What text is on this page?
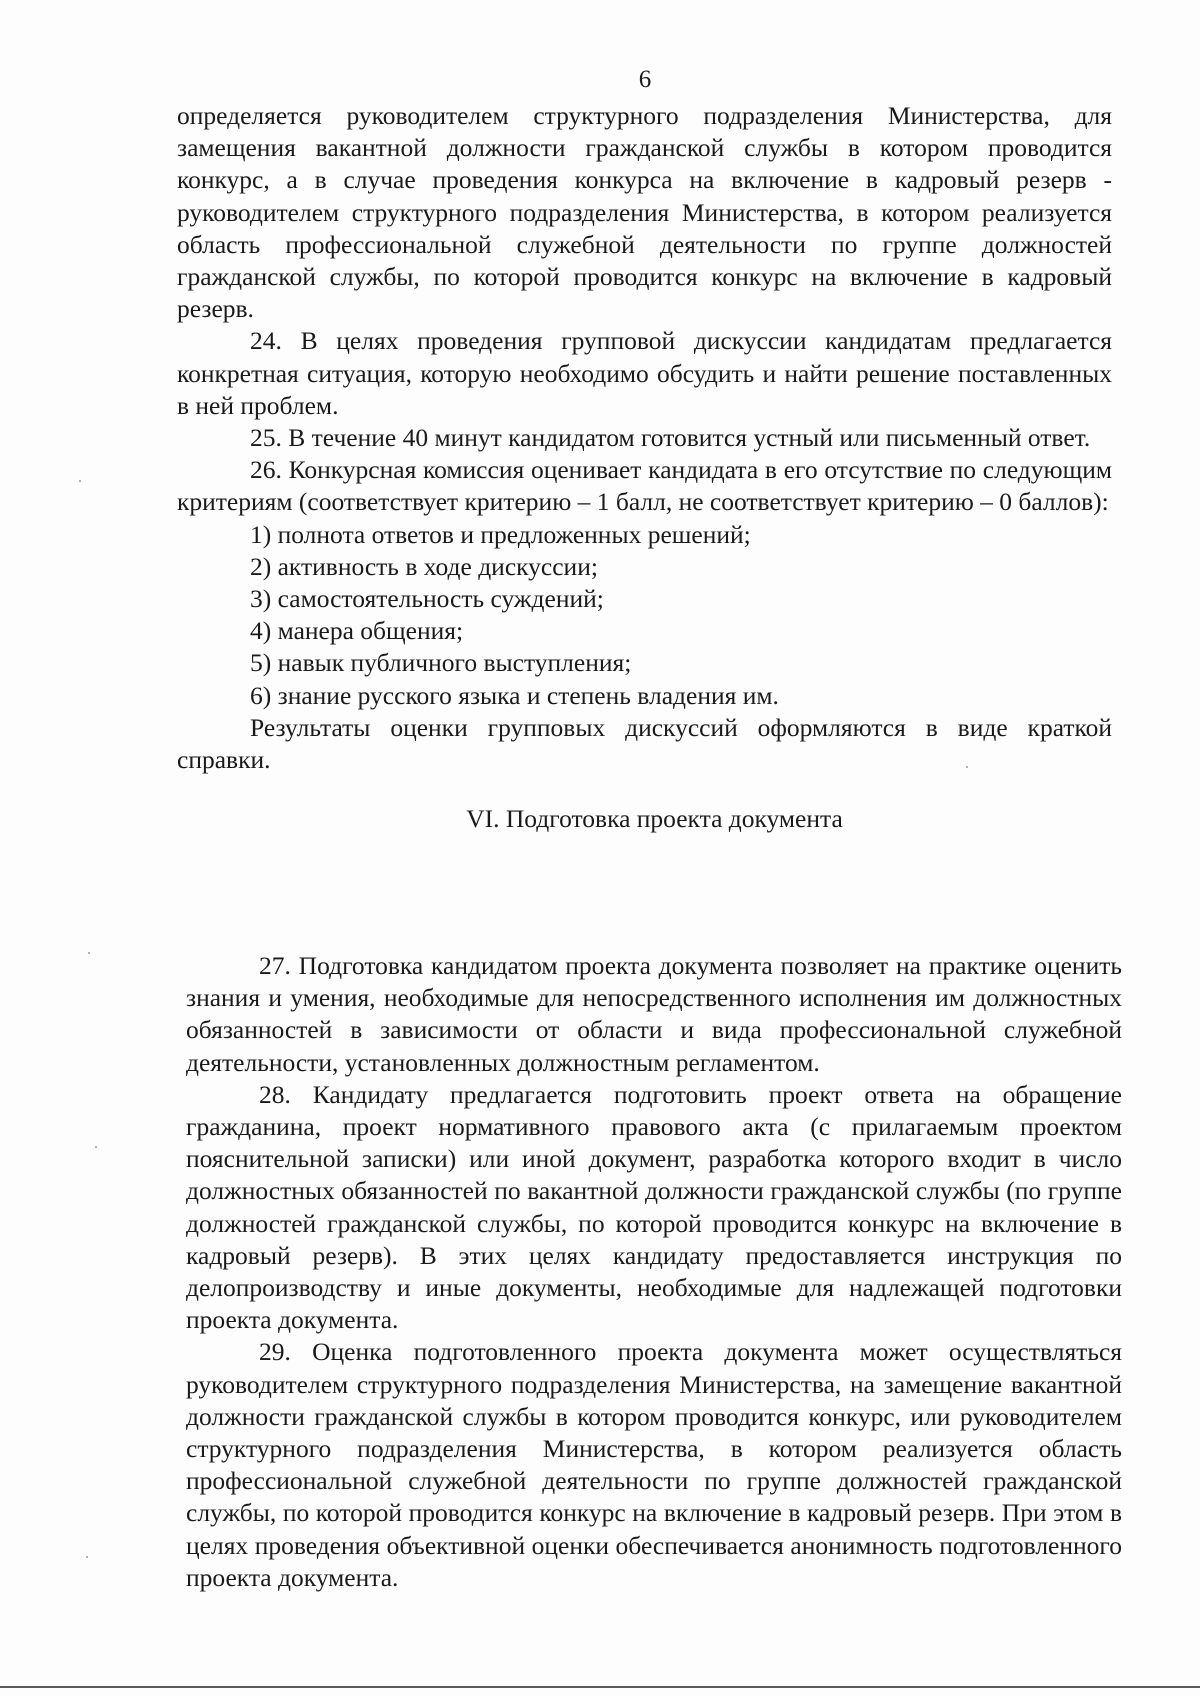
6

определяется руководителем структурного подразделения Министерства, для замещения вакантной должности гражданской службы в котором проводится конкурс, а в случае проведения конкурса на включение в кадровый резерв - руководителем структурного подразделения Министерства, в котором реализуется область профессиональной служебной деятельности по группе должностей гражданской службы, по которой проводится конкурс на включение в кадровый резерв.

24. В целях проведения групповой дискуссии кандидатам предлагается конкретная ситуация, которую необходимо обсудить и найти решение поставленных в ней проблем.

25. В течение 40 минут кандидатом готовится устный или письменный ответ.

26. Конкурсная комиссия оценивает кандидата в его отсутствие по следующим критериям (соответствует критерию – 1 балл, не соответствует критерию – 0 баллов):

1) полнота ответов и предложенных решений;

2) активность в ходе дискуссии;

3) самостоятельность суждений;

4) манера общения;

5) навык публичного выступления;

6) знание русского языка и степень владения им.

Результаты оценки групповых дискуссий оформляются в виде краткой справки.

VI. Подготовка проекта документа

27. Подготовка кандидатом проекта документа позволяет на практике оценить знания и умения, необходимые для непосредственного исполнения им должностных обязанностей в зависимости от области и вида профессиональной служебной деятельности, установленных должностным регламентом.

28. Кандидату предлагается подготовить проект ответа на обращение гражданина, проект нормативного правового акта (с прилагаемым проектом пояснительной записки) или иной документ, разработка которого входит в число должностных обязанностей по вакантной должности гражданской службы (по группе должностей гражданской службы, по которой проводится конкурс на включение в кадровый резерв). В этих целях кандидату предоставляется инструкция по делопроизводству и иные документы, необходимые для надлежащей подготовки проекта документа.

29. Оценка подготовленного проекта документа может осуществляться руководителем структурного подразделения Министерства, на замещение вакантной должности гражданской службы в котором проводится конкурс, или руководителем структурного подразделения Министерства, в котором реализуется область профессиональной служебной деятельности по группе должностей гражданской службы, по которой проводится конкурс на включение в кадровый резерв. При этом в целях проведения объективной оценки обеспечивается анонимность подготовленного проекта документа.
